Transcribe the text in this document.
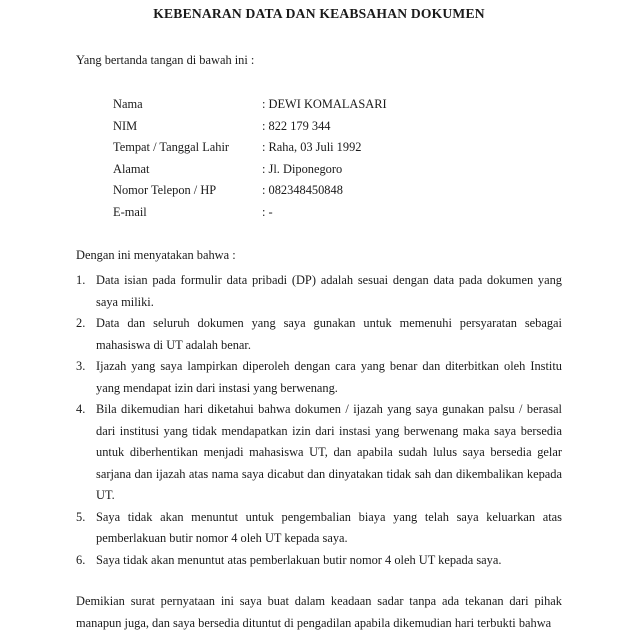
KEBENARAN DATA DAN KEABSAHAN DOKUMEN
Yang bertanda tangan di bawah ini :
Nama	: DEWI KOMALASARI
NIM	: 822 179 344
Tempat / Tanggal Lahir	: Raha, 03 Juli 1992
Alamat	: Jl. Diponegoro
Nomor Telepon / HP	: 082348450848
E-mail	: -
Dengan ini menyatakan bahwa :
1. Data isian pada formulir data pribadi (DP) adalah sesuai dengan data pada dokumen yang saya miliki.
2. Data dan seluruh dokumen yang saya gunakan untuk memenuhi persyaratan sebagai mahasiswa di UT adalah benar.
3. Ijazah yang saya lampirkan diperoleh dengan cara yang benar dan diterbitkan oleh Institu yang mendapat izin dari instasi yang berwenang.
4. Bila dikemudian hari diketahui bahwa dokumen / ijazah yang saya gunakan palsu / berasal dari institusi yang tidak mendapatkan izin dari instasi yang berwenang maka saya bersedia untuk diberhentikan menjadi mahasiswa UT, dan apabila sudah lulus saya bersedia gelar sarjana dan ijazah atas nama saya dicabut dan dinyatakan tidak sah dan dikembalikan kepada UT.
5. Saya tidak akan menuntut untuk pengembalian biaya yang telah saya keluarkan atas pemberlakuan butir nomor 4 oleh UT kepada saya.
6. Saya tidak akan menuntut atas pemberlakuan butir nomor 4 oleh UT kepada saya.
Demikian surat pernyataan ini saya buat dalam keadaan sadar tanpa ada tekanan dari pihak manapun juga, dan saya bersedia dituntut di pengadilan apabila dikemudian hari terbukti bahwa
